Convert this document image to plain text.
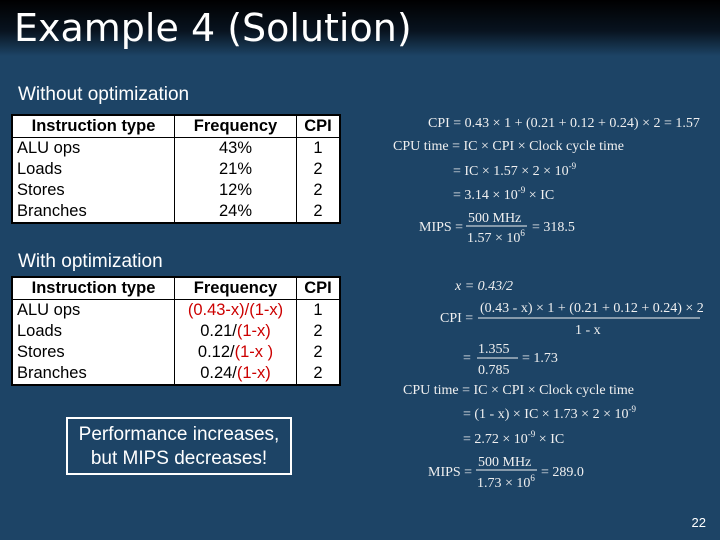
Example 4 (Solution)
Without optimization
Instruction type	Frequency	CPI
ALU ops	43%	1
Loads	21%	2
Stores	12%	2
Branches	24%	2
With optimization
Instruction type	Frequency	CPI
ALU ops	(0.43-x)/(1-x)	1
Loads	0.21/(1-x)	2
Stores	0.12/(1-x )	2
Branches	0.24/(1-x)	2
Performance increases,
but MIPS decreases!
CPI = 0.43 × 1 + (0.21 + 0.12 + 0.24) × 2 = 1.57
CPU time = IC × CPI × Clock cycle time
= IC × $1.57 \times 2 \times 10^{-9}$
= $3.14 \times 10^{-9}$ × IC
MIPS =
500 MHz
$1.57 \times 10^6 = 318.5$
x = 0.43/2
CPI =
(0.43 - x) × 1 + (0.21 + 0.12 + 0.24) × 2
1 - x
=
1.355
0.785
= 1.73
CPU time = IC × CPI × Clock cycle time
= (1 - x) × IC × $1.73 \times 2 \times 10^{-9}$
= $2.72 \times 10^{-9}$ × IC
MIPS =
500 MHz
$1.73 \times 10^6 = 289.0$
22
